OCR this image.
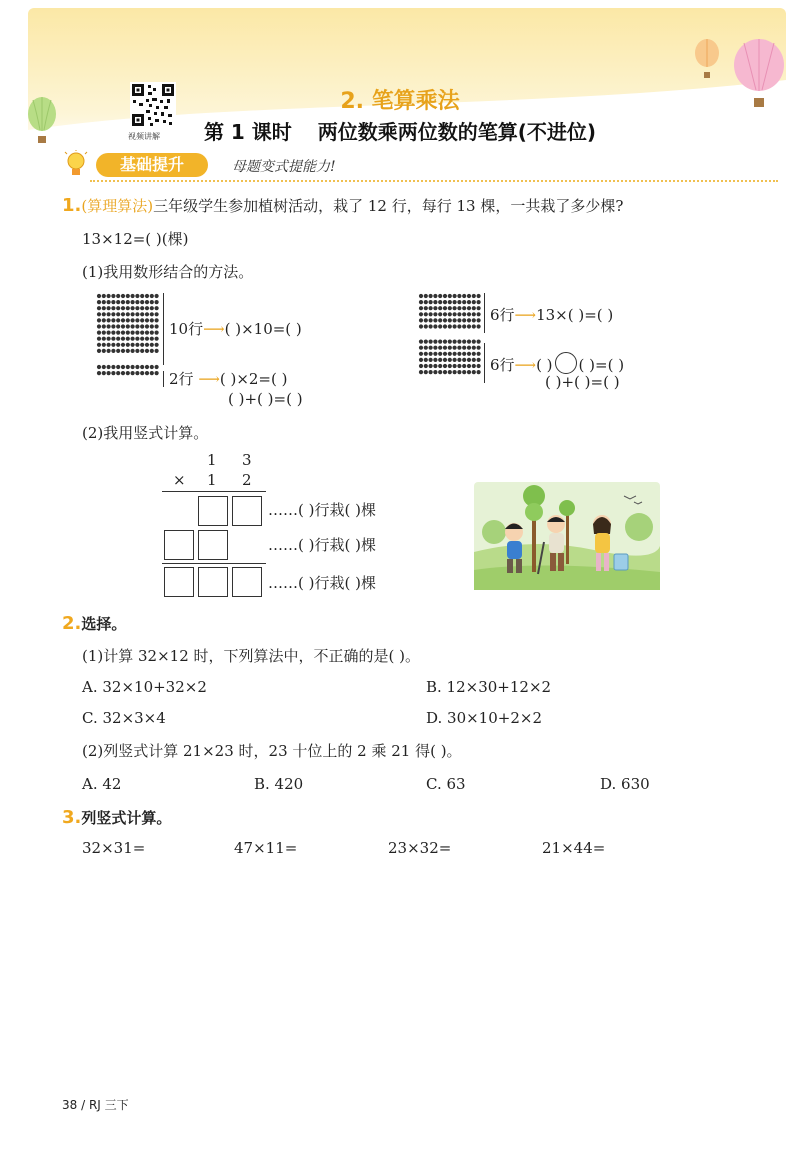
视频讲解
2. 笔算乘法
第 1 课时 两位数乘两位数的笔算(不进位)
基础提升	母题变式提能力!
1.(算理算法)三年级学生参加植树活动，栽了 12 行，每行 13 棵，一共栽了多少棵?
13×12=( )(棵)
(1)我用数形结合的方法。
10行⟶( )×10=( )
2行 ⟶( )×2=( )
( )+( )=( )
6行⟶13×( )=( )
6行⟶( ) ( )=( )
( )+( )=( )
(2)我用竖式计算。
1 3
× 1 2
……( )行栽( )棵
……( )行栽( )棵
……( )行栽( )棵
2.选择。
(1)计算 32×12 时，下列算法中，不正确的是( )。
A. 32×10+32×2	B. 12×30+12×2
C. 32×3×4	D. 30×10+2×2
(2)列竖式计算 21×23 时，23 十位上的 2 乘 21 得( )。
A. 42	B. 420	C. 63	D. 630
3.列竖式计算。
32×31=	47×11=	23×32=	21×44=
38 / RJ 三下
